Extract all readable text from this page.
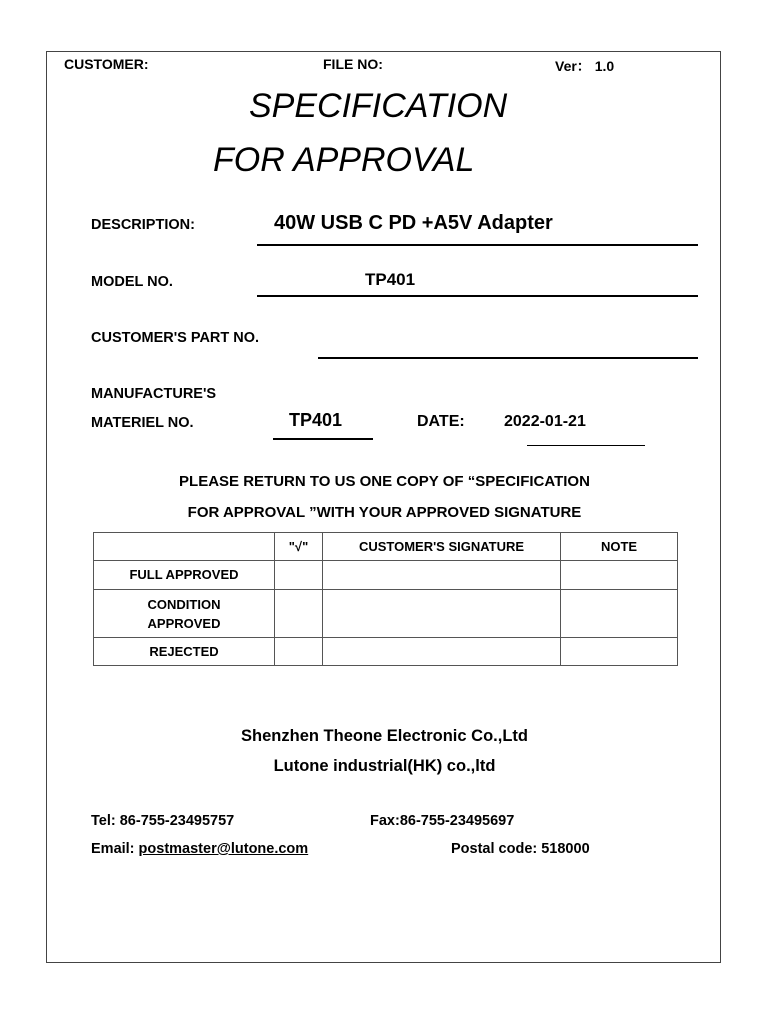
CUSTOMER:	FILE NO:	Ver： 1.0
SPECIFICATION
FOR APPROVAL
DESCRIPTION:	40W USB C PD +A5V Adapter
MODEL NO.	TP401
CUSTOMER'S PART NO.
MANUFACTURE'S
MATERIEL NO.	TP401	DATE: 2022-01-21
PLEASE RETURN TO US ONE COPY OF “SPECIFICATION
FOR APPROVAL ”WITH YOUR APPROVED SIGNATURE
	"√"	CUSTOMER'S SIGNATURE	NOTE
FULL APPROVED			
CONDITION
APPROVED			
REJECTED			
Shenzhen Theone Electronic Co.,Ltd
Lutone industrial(HK) co.,ltd
Tel: 86-755-23495757	Fax:86-755-23495697
Email: postmaster@lutone.com	Postal code: 518000
